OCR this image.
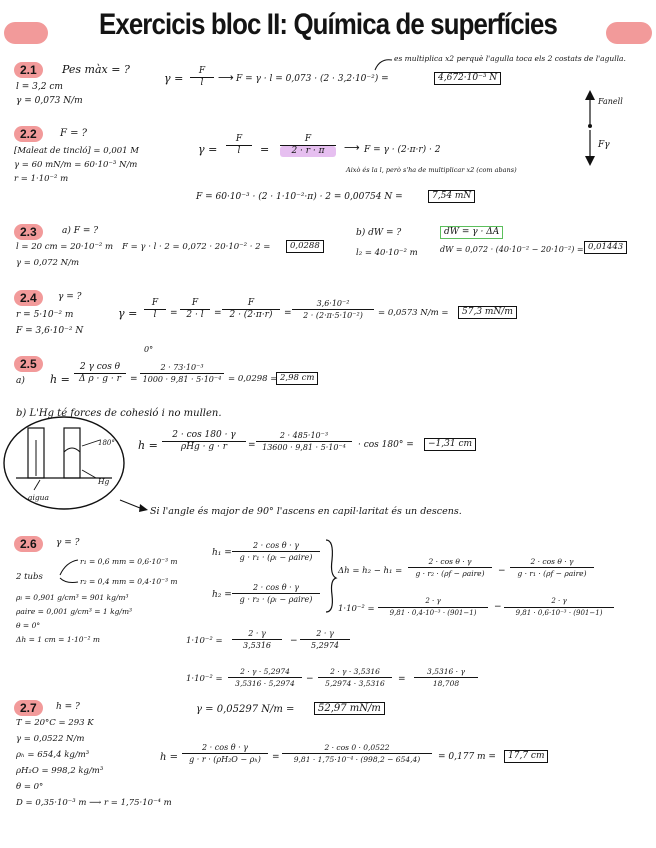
Exercicis bloc II: Química de superfícies
2.1	Pes màx = ?
l = 3,2 cm
γ = 0,073 N/m
$\frac{F}{l}$
γ =	⟶ F = γ · l = 0,073 · (2 · 3,2·10⁻²) =	4,672·10⁻³ N
es multiplica x2 perquè l'agulla toca els 2 costats de l'agulla.
Fanell
Fγ
2.2	F = ?
[Maleat de tincló] = 0,001 M
γ = 60 mN/m = 60·10⁻³ N/m
r = 1·10⁻² m
$\gamma = \frac{F}{l} = \frac{F}{2 \cdot r \cdot \pi}$ ⟶ F = γ · (2·π·r) · 2
Això és la l, però s'ha de multiplicar x2 (com abans)
F = 60·10⁻³ · (2 · 1·10⁻²·π) · 2 = 0,00754 N =	7,54 mN
2.3	a) F = ?
l = 20 cm = 20·10⁻² m
γ = 0,072 N/m
F = γ · l · 2 = 0,072 · 20·10⁻² · 2 =	0,0288
b) dW = ?
l₂ = 40·10⁻² m
dW = γ · ΔA
dW = 0,072 · (40·10⁻² − 20·10⁻²) = 0,01443
2.4	γ = ?
r = 5·10⁻² m
F = 3,6·10⁻² N
$\gamma = \frac{F}{l} = \frac{F}{2 \cdot l} = \frac{F}{2 \cdot (2\cdot\pi\cdot r)} = \frac{\text{3,6·10⁻²}}{\text{2 · (2·π·5·10⁻²)}} = 0,0573$ N/m =	57,3 mN/m
2.5
a) h =
0°
$\frac{\text{2 γ cos θ}}{\text{Δ ρ · g · r}} = \frac{\text{2 · 73·10⁻³}}{\text{1000 · 9,81 · 5·10⁻⁴}} = 0,0298 = 2,98$ cm
b) L'Hg té forces de cohesió i no mullen.
h =
2 · cos 180 · γ
ρHg · g · r	= $\frac{\text{2 · 485·10⁻³}}{\text{13600 · 9,81 · 5·10⁻⁴}} \cdot \cos 180^\circ$ =	−1,31 cm
aigua
Hg
180°
Si l'angle és major de 90° l'ascens en capil·laritat és un descens.
2.6	γ = ?
2 tubs
r₁ = 0,6 mm = 0,6·10⁻³ m
r₂ = 0,4 mm = 0,4·10⁻³ m
ρₗ = 0,901 g/cm³ = 901 kg/m³
ρaire = 0,001 g/cm³ = 1 kg/m³
θ = 0°
Δh = 1 cm = 1·10⁻² m
h₁ =
2 · cos θ · γ
g · r₁ · (ρₗ − ρaire)
h₂ =
2 · cos θ · γ
g · r₂ · (ρₗ − ρaire)
Δh = h₂ − h₁ =
2 · cos θ · γ
g · r₂ · (ρf − ρaire)	−
2 · cos θ · γ
g · r₁ · (ρf − ρaire)
$1\cdot 10^{-2} = \frac{2 \cdot \gamma}{\text{9,81 · 0,4·10⁻³ · (901−1)}} - \frac{2 \cdot \gamma}{\text{9,81 · 0,6·10⁻³ · (901−1)}}$
$1\cdot 10^{-2} = \frac{2 \cdot \gamma}{3,5316} - \frac{2 \cdot \gamma}{5,2974}$
$1\cdot 10^{-2} = \frac{2 \cdot \gamma \cdot 5,2974}{3,5316 \cdot 5,2974} - \frac{2 \cdot \gamma \cdot 3,5316}{5,2974 \cdot 3,5316} = \frac{3,5316 \cdot \gamma}{18,708}$
γ = 0,05297 N/m =	52,97 mN/m
2.7	h = ?
T = 20°C = 293 K
γ = 0,0522 N/m
ρₕ = 654,4 kg/m³
ρH₂O = 998,2 kg/m³
θ = 0°
D = 0,35·10⁻³ m ⟶ r = 1,75·10⁻⁴ m
$h = \frac{\text{2 · cos θ · γ}}{\text{g · r · (ρH₂O − ρₕ)}} = \frac{2 \cdot \cos 0 \cdot 0,0522}{\text{9,81 · 1,75·10⁻⁴ · (998,2 − 654,4)}} = 0,177$ m =	17,7 cm
